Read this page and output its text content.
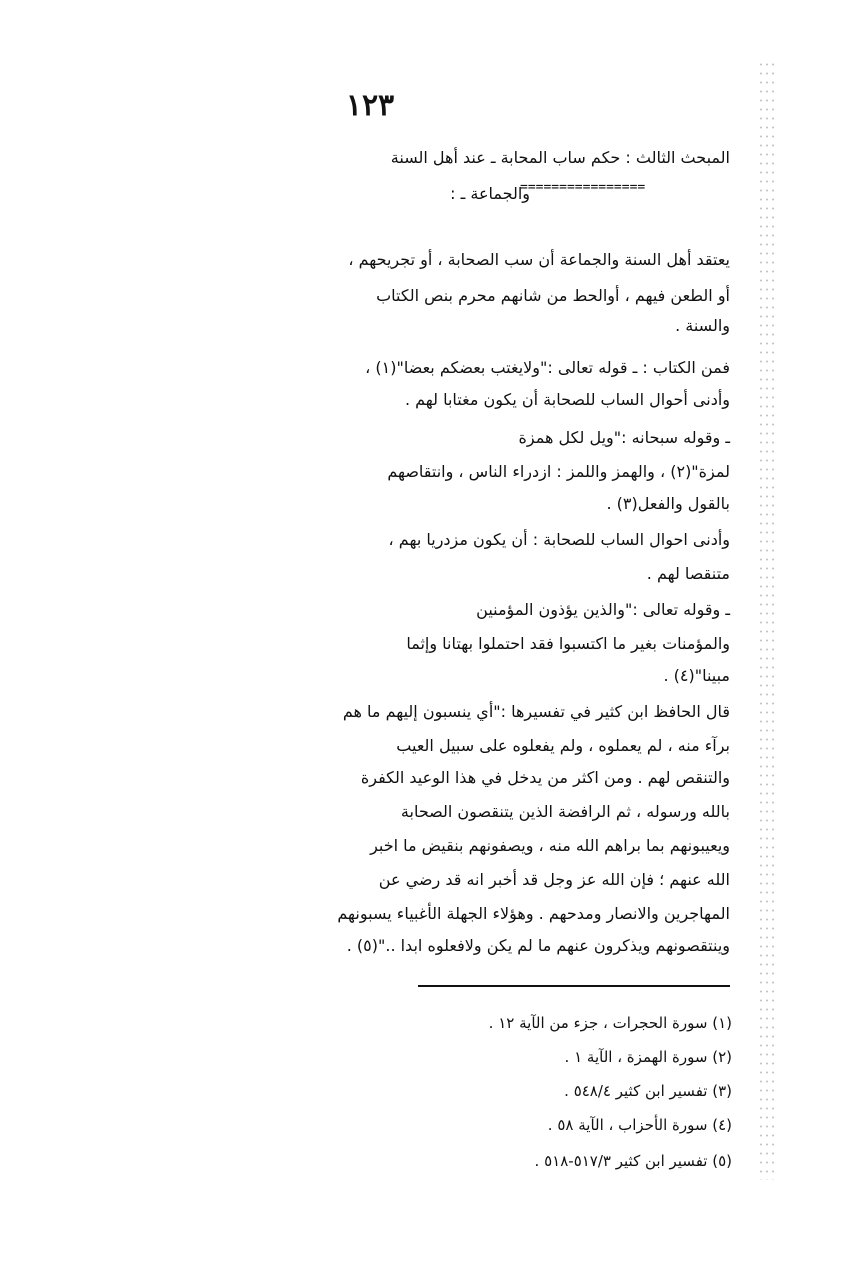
١٢٣
المبحث الثالث : حكم ساب المحابة ـ عند أهل السنة
والجماعة ـ :
================
يعتقد أهل السنة والجماعة أن سب الصحابة ، أو تجريحهم ،
أو الطعن فيهم ، أوالحط من شانهم محرم بنص الكتاب
والسنة .
فمن الكتاب : ـ قوله تعالى :"ولايغتب بعضكم بعضا"(١) ،
وأدنى أحوال الساب للصحابة أن يكون مغتابا لهم .
ـ وقوله سبحانه :"ويل لكل همزة
لمزة"(٢) ، والهمز واللمز : ازدراء الناس ، وانتقاصهم
بالقول والفعل(٣) .
وأدنى احوال الساب للصحابة : أن يكون مزدريا بهم ،
متنقصا لهم .
ـ وقوله تعالى :"والذين يؤذون المؤمنين
والمؤمنات بغير ما اكتسبوا فقد احتملوا بهتانا وإثما
مبينا"(٤) .
قال الحافظ ابن كثير في تفسيرها :"أي ينسبون إليهم ما هم
برآء منه ، لم يعملوه ، ولم يفعلوه على سبيل العيب
والتنقص لهم . ومن اكثر من يدخل في هذا الوعيد الكفرة
بالله ورسوله ، ثم الرافضة الذين يتنقصون الصحابة
ويعيبونهم بما براهم الله منه ، ويصفونهم بنقيض ما اخبر
الله عنهم ؛ فإن الله عز وجل قد أخبر انه قد رضي عن
المهاجرين والانصار ومدحهم . وهؤلاء الجهلة الأغبياء يسبونهم
وينتقصونهم ويذكرون عنهم ما لم يكن ولافعلوه ابدا .."(٥) .
(١) سورة الحجرات ، جزء من الآية ١٢ .
(٢) سورة الهمزة ، الآية ١ .
(٣) تفسير ابن كثير ٥٤٨/٤ .
(٤) سورة الأحزاب ، الآية ٥٨ .
(٥) تفسير ابن كثير ٥١٧/٣-٥١٨ .
